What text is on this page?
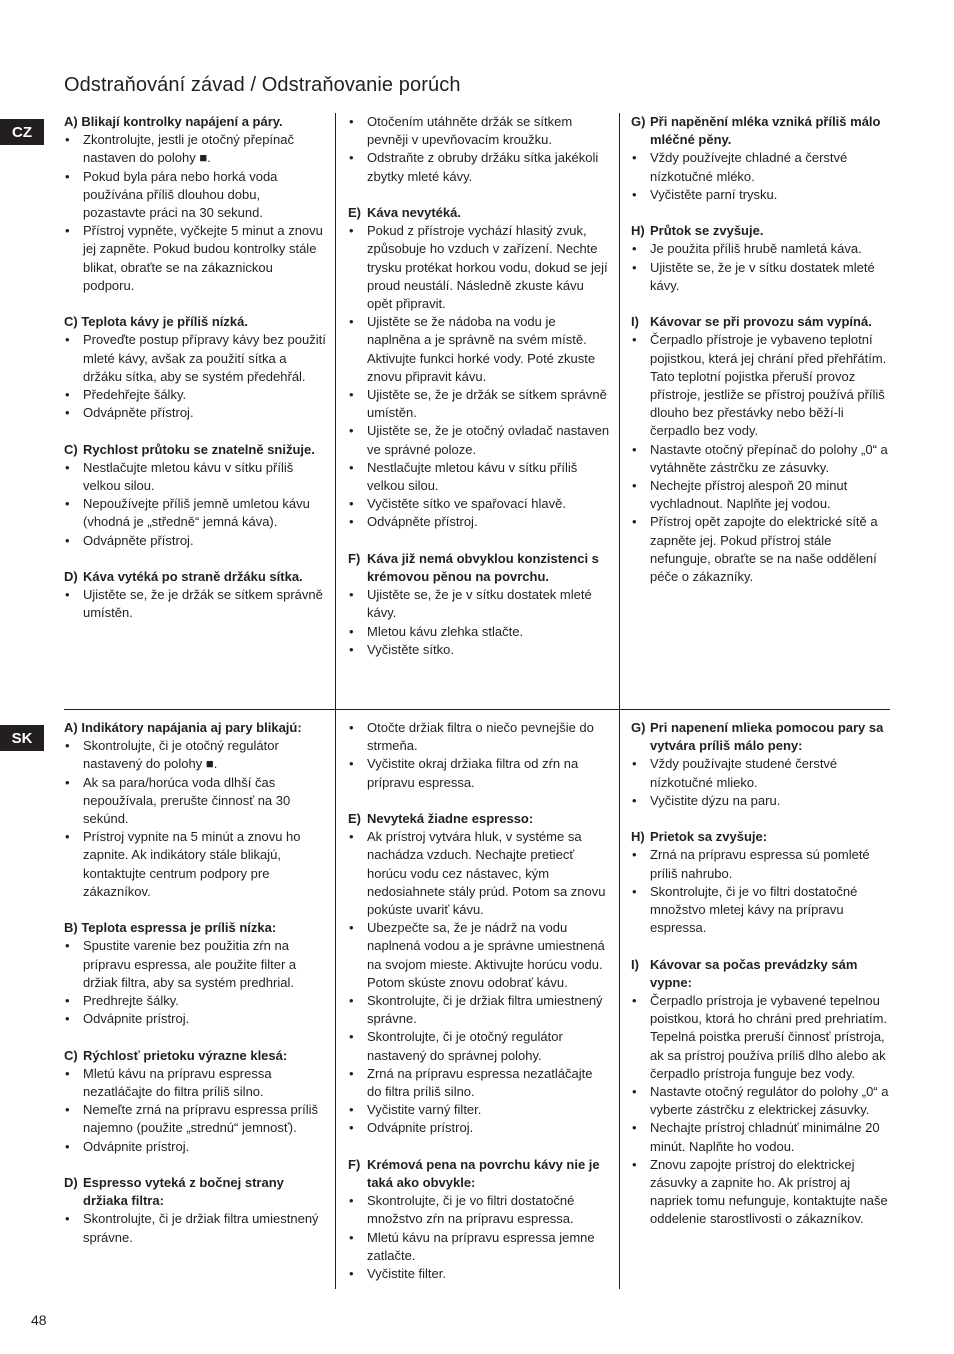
Odstraňování závad / Odstraňovanie porúch
CZ
SK
A) Blikají kontrolky napájení a páry.
• Zkontrolujte, jestli je otočný přepínač nastaven do polohy ■.
• Pokud byla pára nebo horká voda používána příliš dlouhou dobu, pozastavte práci na 30 sekund.
• Přístroj vypněte, vyčkejte 5 minut a znovu jej zapněte. Pokud budou kontrolky stále blikat, obraťte se na zákaznickou podporu.
C) Teplota kávy je příliš nízká.
• Proveďte postup přípravy kávy bez použití mleté kávy, avšak za použití sítka a držáku sítka, aby se systém předehřál.
• Předehřejte šálky.
• Odvápněte přístroj.
C) Rychlost průtoku se znatelně snižuje.
• Nestlačujte mletou kávu v sítku příliš velkou silou.
• Nepoužívejte příliš jemně umletou kávu (vhodná je „středně“ jemná káva).
• Odvápněte přístroj.
D) Káva vytéká po straně držáku sítka.
• Ujistěte se, že je držák se sítkem správně umístěn.
• Otočením utáhněte držák se sítkem pevněji v upevňovacím kroužku.
• Odstraňte z obruby držáku sítka jakékoli zbytky mleté kávy.
E) Káva nevytéká.
• Pokud z přístroje vychází hlasitý zvuk, způsobuje ho vzduch v zařízení. Nechte trysku protékat horkou vodu, dokud se její proud neustálí. Následně zkuste kávu opět připravit.
• Ujistěte se že nádoba na vodu je naplněna a je správně na svém místě. Aktivujte funkci horké vody. Poté zkuste znovu připravit kávu.
• Ujistěte se, že je držák se sítkem správně umístěn.
• Ujistěte se, že je otočný ovladač nastaven ve správné poloze.
• Nestlačujte mletou kávu v sítku příliš velkou silou.
• Vyčistěte sítko ve spařovací hlavě.
• Odvápněte přístroj.
F) Káva již nemá obvyklou konzistenci s krémovou pěnou na povrchu.
• Ujistěte se, že je v sítku dostatek mleté kávy.
• Mletou kávu zlehka stlačte.
• Vyčistěte sítko.
G) Při napěnění mléka vzniká příliš málo mléčné pěny.
• Vždy používejte chladné a čerstvé nízkotučné mléko.
• Vyčistěte parní trysku.
H) Průtok se zvyšuje.
• Je použita příliš hrubě namletá káva.
• Ujistěte se, že je v sítku dostatek mleté kávy.
I) Kávovar se při provozu sám vypíná.
• Čerpadlo přístroje je vybaveno teplotní pojistkou, která jej chrání před přehřátím. Tato teplotní pojistka přeruší provoz přístroje, jestliže se přístroj používá příliš dlouho bez přestávky nebo běží-li čerpadlo bez vody.
• Nastavte otočný přepínač do polohy „0“ a vytáhněte zástrčku ze zásuvky.
• Nechejte přístroj alespoň 20 minut vychladnout. Naplňte jej vodou.
• Přístroj opět zapojte do elektrické sítě a zapněte jej. Pokud přístroj stále nefunguje, obraťte se na naše oddělení péče o zákazníky.
A) Indikátory napájania aj pary blikajú:
• Skontrolujte, či je otočný regulátor nastavený do polohy ■.
• Ak sa para/horúca voda dlhší čas nepoužívala, prerušte činnosť na 30 sekúnd.
• Prístroj vypnite na 5 minút a znovu ho zapnite. Ak indikátory stále blikajú, kontaktujte centrum podpory pre zákazníkov.
B) Teplota espressa je príliš nízka:
• Spustite varenie bez použitia zŕn na prípravu espressa, ale použite filter a držiak filtra, aby sa systém predhrial.
• Predhrejte šálky.
• Odvápnite prístroj.
C) Rýchlosť prietoku výrazne klesá:
• Mletú kávu na prípravu espressa nezatláčajte do filtra príliš silno.
• Nemeľte zrná na prípravu espressa príliš najemno (použite „strednú“ jemnosť).
• Odvápnite prístroj.
D) Espresso vyteká z bočnej strany držiaka filtra:
• Skontrolujte, či je držiak filtra umiestnený správne.
• Otočte držiak filtra o niečo pevnejšie do strmeňa.
• Vyčistite okraj držiaka filtra od zŕn na prípravu espressa.
E) Nevyteká žiadne espresso:
• Ak prístroj vytvára hluk, v systéme sa nachádza vzduch. Nechajte pretiecť horúcu vodu cez nástavec, kým nedosiahnete stály prúd. Potom sa znovu pokúste uvariť kávu.
• Ubezpečte sa, že je nádrž na vodu naplnená vodou a je správne umiestnená na svojom mieste. Aktivujte horúcu vodu. Potom skúste znovu odobrať kávu.
• Skontrolujte, či je držiak filtra umiestnený správne.
• Skontrolujte, či je otočný regulátor nastavený do správnej polohy.
• Zrná na prípravu espressa nezatláčajte do filtra príliš silno.
• Vyčistite varný filter.
• Odvápnite prístroj.
F) Krémová pena na povrchu kávy nie je taká ako obvykle:
• Skontrolujte, či je vo filtri dostatočné množstvo zŕn na prípravu espressa.
• Mletú kávu na prípravu espressa jemne zatlačte.
• Vyčistite filter.
G) Pri napenení mlieka pomocou pary sa vytvára príliš málo peny:
• Vždy používajte studené čerstvé nízkotučné mlieko.
• Vyčistite dýzu na paru.
H) Prietok sa zvyšuje:
• Zrná na prípravu espressa sú pomleté príliš nahrubo.
• Skontrolujte, či je vo filtri dostatočné množstvo mletej kávy na prípravu espressa.
I) Kávovar sa počas prevádzky sám vypne:
• Čerpadlo prístroja je vybavené tepelnou poistkou, ktorá ho chráni pred prehriatím. Tepelná poistka preruší činnosť prístroja, ak sa prístroj používa príliš dlho alebo ak čerpadlo prístroja funguje bez vody.
• Nastavte otočný regulátor do polohy „0“ a vyberte zástrčku z elektrickej zásuvky.
• Nechajte prístroj chladnúť minimálne 20 minút. Naplňte ho vodou.
• Znovu zapojte prístroj do elektrickej zásuvky a zapnite ho. Ak prístroj aj napriek tomu nefunguje, kontaktujte naše oddelenie starostlivosti o zákazníkov.
48
